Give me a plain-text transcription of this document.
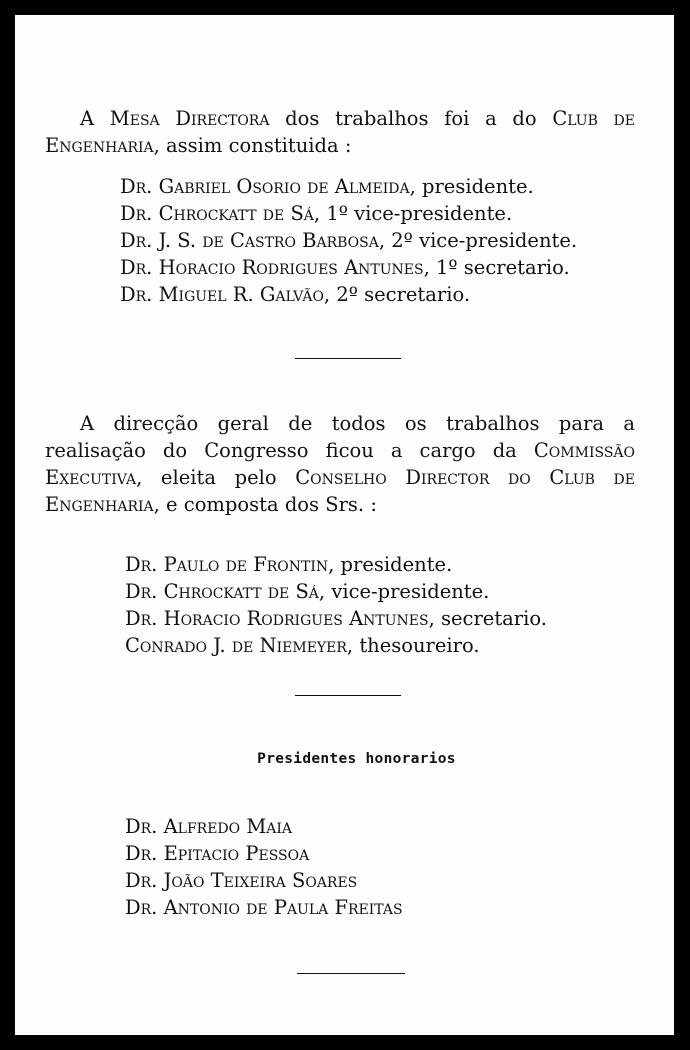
A Mesa Directora dos trabalhos foi a do Club de Engenharia, assim constituida :

Dr. Gabriel Osorio de Almeida, presidente.
Dr. Chrockatt de Sá, 1º vice-presidente.
Dr. J. S. de Castro Barbosa, 2º vice-presidente.
Dr. Horacio Rodrigues Antunes, 1º secretario.
Dr. Miguel R. Galvão, 2º secretario.

A direcção geral de todos os trabalhos para a realisação do Congresso ficou a cargo da Commissão Executiva, eleita pelo Conselho Director do Club de Engenharia, e composta dos Srs. :

Dr. Paulo de Frontin, presidente.
Dr. Chrockatt de Sá, vice-presidente.
Dr. Horacio Rodrigues Antunes, secretario.
Conrado J. de Niemeyer, thesoureiro.
Presidentes honorarios
Dr. Alfredo Maia
Dr. Epitacio Pessoa
Dr. João Teixeira Soares
Dr. Antonio de Paula Freitas
